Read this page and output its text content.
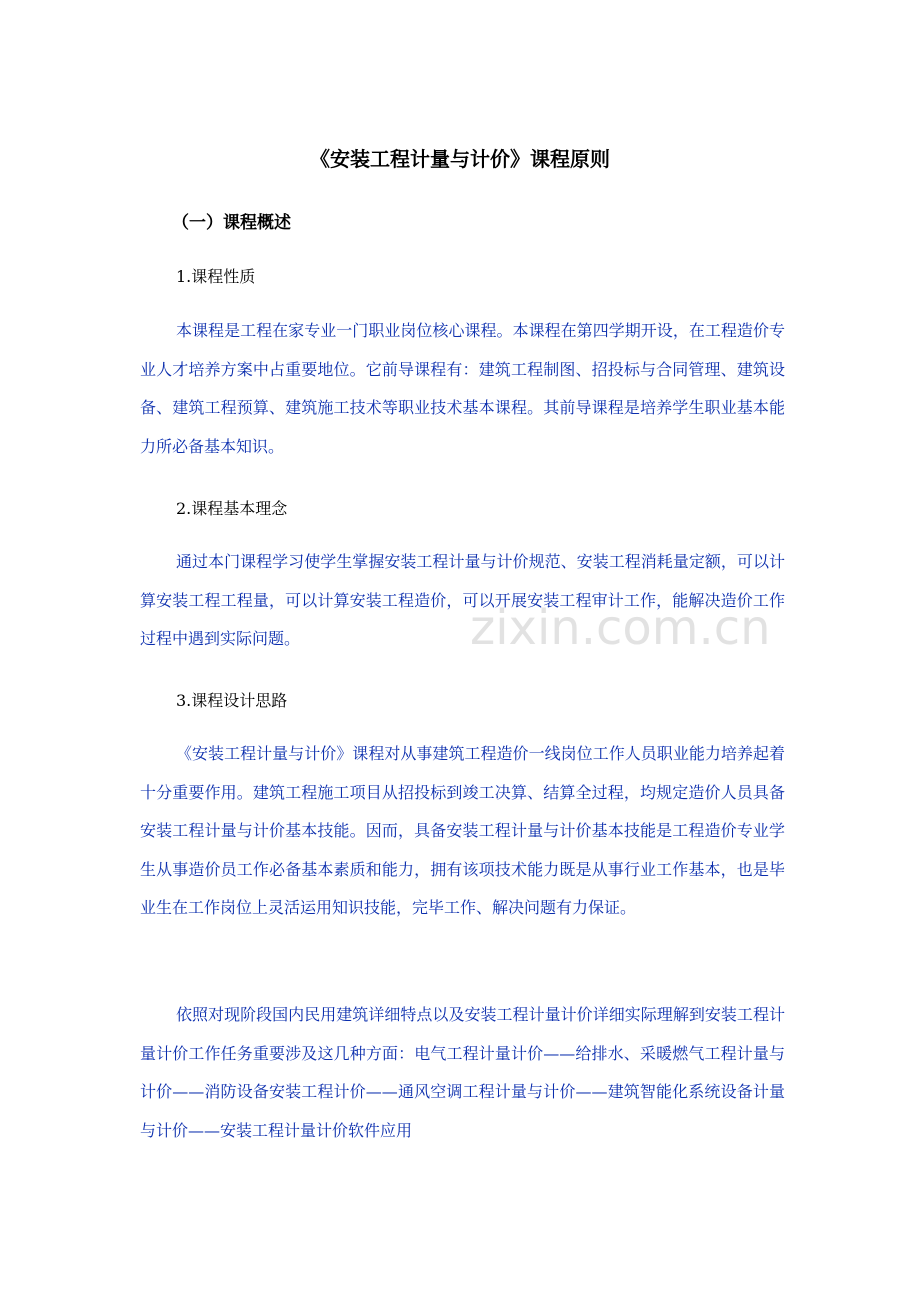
《安装工程计量与计价》课程原则
（一）课程概述
1.课程性质

本课程是工程在家专业一门职业岗位核心课程。本课程在第四学期开设，在工程造价专业人才培养方案中占重要地位。它前导课程有：建筑工程制图、招投标与合同管理、建筑设备、建筑工程预算、建筑施工技术等职业技术基本课程。其前导课程是培养学生职业基本能力所必备基本知识。

2.课程基本理念

通过本门课程学习使学生掌握安装工程计量与计价规范、安装工程消耗量定额，可以计算安装工程工程量，可以计算安装工程造价，可以开展安装工程审计工作，能解决造价工作过程中遇到实际问题。

3.课程设计思路

《安装工程计量与计价》课程对从事建筑工程造价一线岗位工作人员职业能力培养起着十分重要作用。建筑工程施工项目从招投标到竣工决算、结算全过程，均规定造价人员具备安装工程计量与计价基本技能。因而，具备安装工程计量与计价基本技能是工程造价专业学生从事造价员工作必备基本素质和能力，拥有该项技术能力既是从事行业工作基本，也是毕业生在工作岗位上灵活运用知识技能，完毕工作、解决问题有力保证。

依照对现阶段国内民用建筑详细特点以及安装工程计量计价详细实际理解到安装工程计量计价工作任务重要涉及这几种方面：电气工程计量计价——给排水、采暖燃气工程计量与计价——消防设备安装工程计价——通风空调工程计量与计价——建筑智能化系统设备计量与计价——安装工程计量计价软件应用

zixin.com.cn
